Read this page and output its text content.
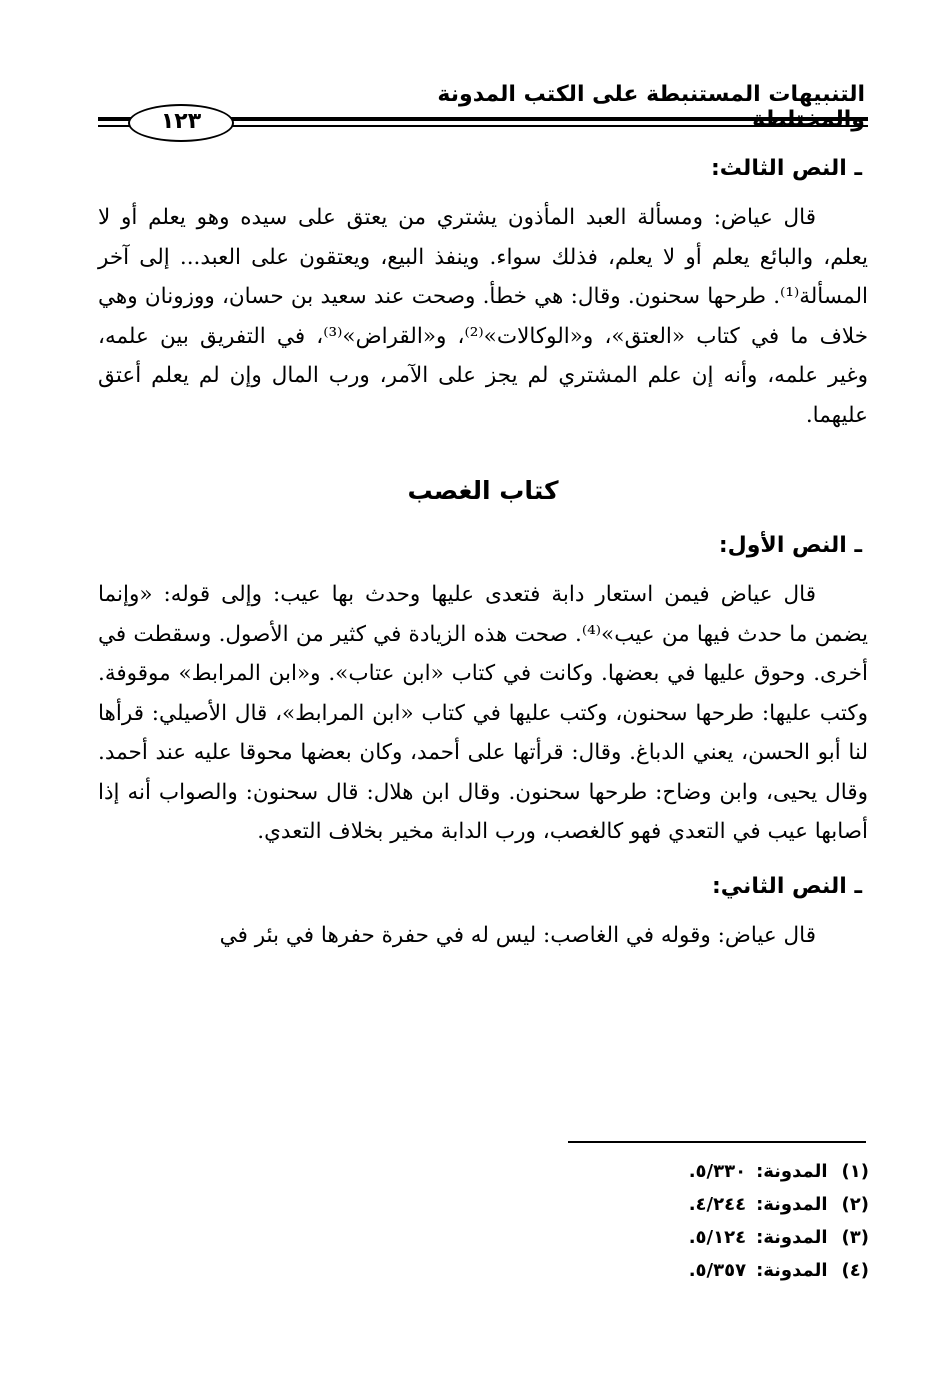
التنبيهات المستنبطة على الكتب المدونة
١٢٣
ـ النص الثالث:

قال عياض: ومسألة العبد المأذون يشتري من يعتق على سيده وهو يعلم أو لا يعلم، والبائع يعلم أو لا يعلم، فذلك سواء. وينفذ البيع، ويعتقون على العبد... إلى آخر المسألة⁽¹⁾. طرحها سحنون. وقال: هي خطأ. وصحت عند سعيد بن حسان، ووزونان وهي خلاف ما في كتاب «العتق»، و«الوكالات»⁽²⁾، و«القراض»⁽³⁾، في التفريق بين علمه، وغير علمه، وأنه إن علم المشتري لم يجز على الآمر، ورب المال وإن لم يعلم أعتق عليهما.

كتاب الغصب
ـ النص الأول:

قال عياض فيمن استعار دابة فتعدى عليها وحدث بها عيب: وإلى قوله: «وإنما يضمن ما حدث فيها من عيب»⁽⁴⁾. صحت هذه الزيادة في كثير من الأصول. وسقطت في أخرى. وحوق عليها في بعضها. وكانت في كتاب «ابن عتاب». و«ابن المرابط» موقوفة. وكتب عليها: طرحها سحنون، وكتب عليها في كتاب «ابن المرابط»، قال الأصيلي: قرأها لنا أبو الحسن، يعني الدباغ. وقال: قرأتها على أحمد، وكان بعضها محوقا عليه عند أحمد. وقال يحيى، وابن وضاح: طرحها سحنون. وقال ابن هلال: قال سحنون: والصواب أنه إذا أصابها عيب في التعدي فهو كالغصب، ورب الدابة مخير بخلاف التعدي.

ـ النص الثاني:

قال عياض: وقوله في الغاصب: ليس له في حفرة حفرها في بئر في

(١)المدونة:٥/٣٣٠.
(٢)المدونة:٤/٢٤٤.
(٣)المدونة:٥/١٢٤.
(٤)المدونة:٥/٣٥٧.
